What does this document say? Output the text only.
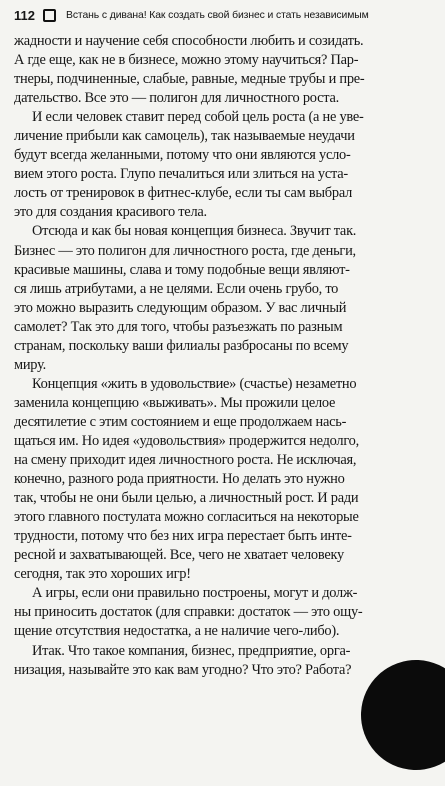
112	Встань с дивана! Как создать свой бизнес и стать независимым
жадности и научение себя способности любить и созидать.
А где еще, как не в бизнесе, можно этому научиться? Пар-
тнеры, подчиненные, слабые, равные, медные трубы и пре-
дательство. Все это — полигон для личностного роста.
И если человек ставит перед собой цель роста (а не уве-
личение прибыли как самоцель), так называемые неудачи
будут всегда желанными, потому что они являются усло-
вием этого роста. Глупо печалиться или злиться на уста-
лость от тренировок в фитнес-клубе, если ты сам выбрал
это для создания красивого тела.
Отсюда и как бы новая концепция бизнеса. Звучит так.
Бизнес — это полигон для личностного роста, где деньги,
красивые машины, слава и тому подобные вещи являют-
ся лишь атрибутами, а не целями. Если очень грубо, то
это можно выразить следующим образом. У вас личный
самолет? Так это для того, чтобы разъезжать по разным
странам, поскольку ваши филиалы разбросаны по всему
миру.
Концепция «жить в удовольствие» (счастье) незаметно
заменила концепцию «выживать». Мы прожили целое
десятилетие с этим состоянием и еще продолжаем нась-
щаться им. Но идея «удовольствия» продержится недолго,
на смену приходит идея личностного роста. Не исключая,
конечно, разного рода приятности. Но делать это нужно
так, чтобы не они были целью, а личностный рост. И ради
этого главного постулата можно согласиться на некоторые
трудности, потому что без них игра перестает быть инте-
ресной и захватывающей. Все, чего не хватает человеку
сегодня, так это хороших игр!
А игры, если они правильно построены, могут и долж-
ны приносить достаток (для справки: достаток — это ощу-
щение отсутствия недостатка, а не наличие чего-либо).
Итак. Что такое компания, бизнес, предприятие, орга-
низация, называйте это как вам угодно? Что это? Работа?
